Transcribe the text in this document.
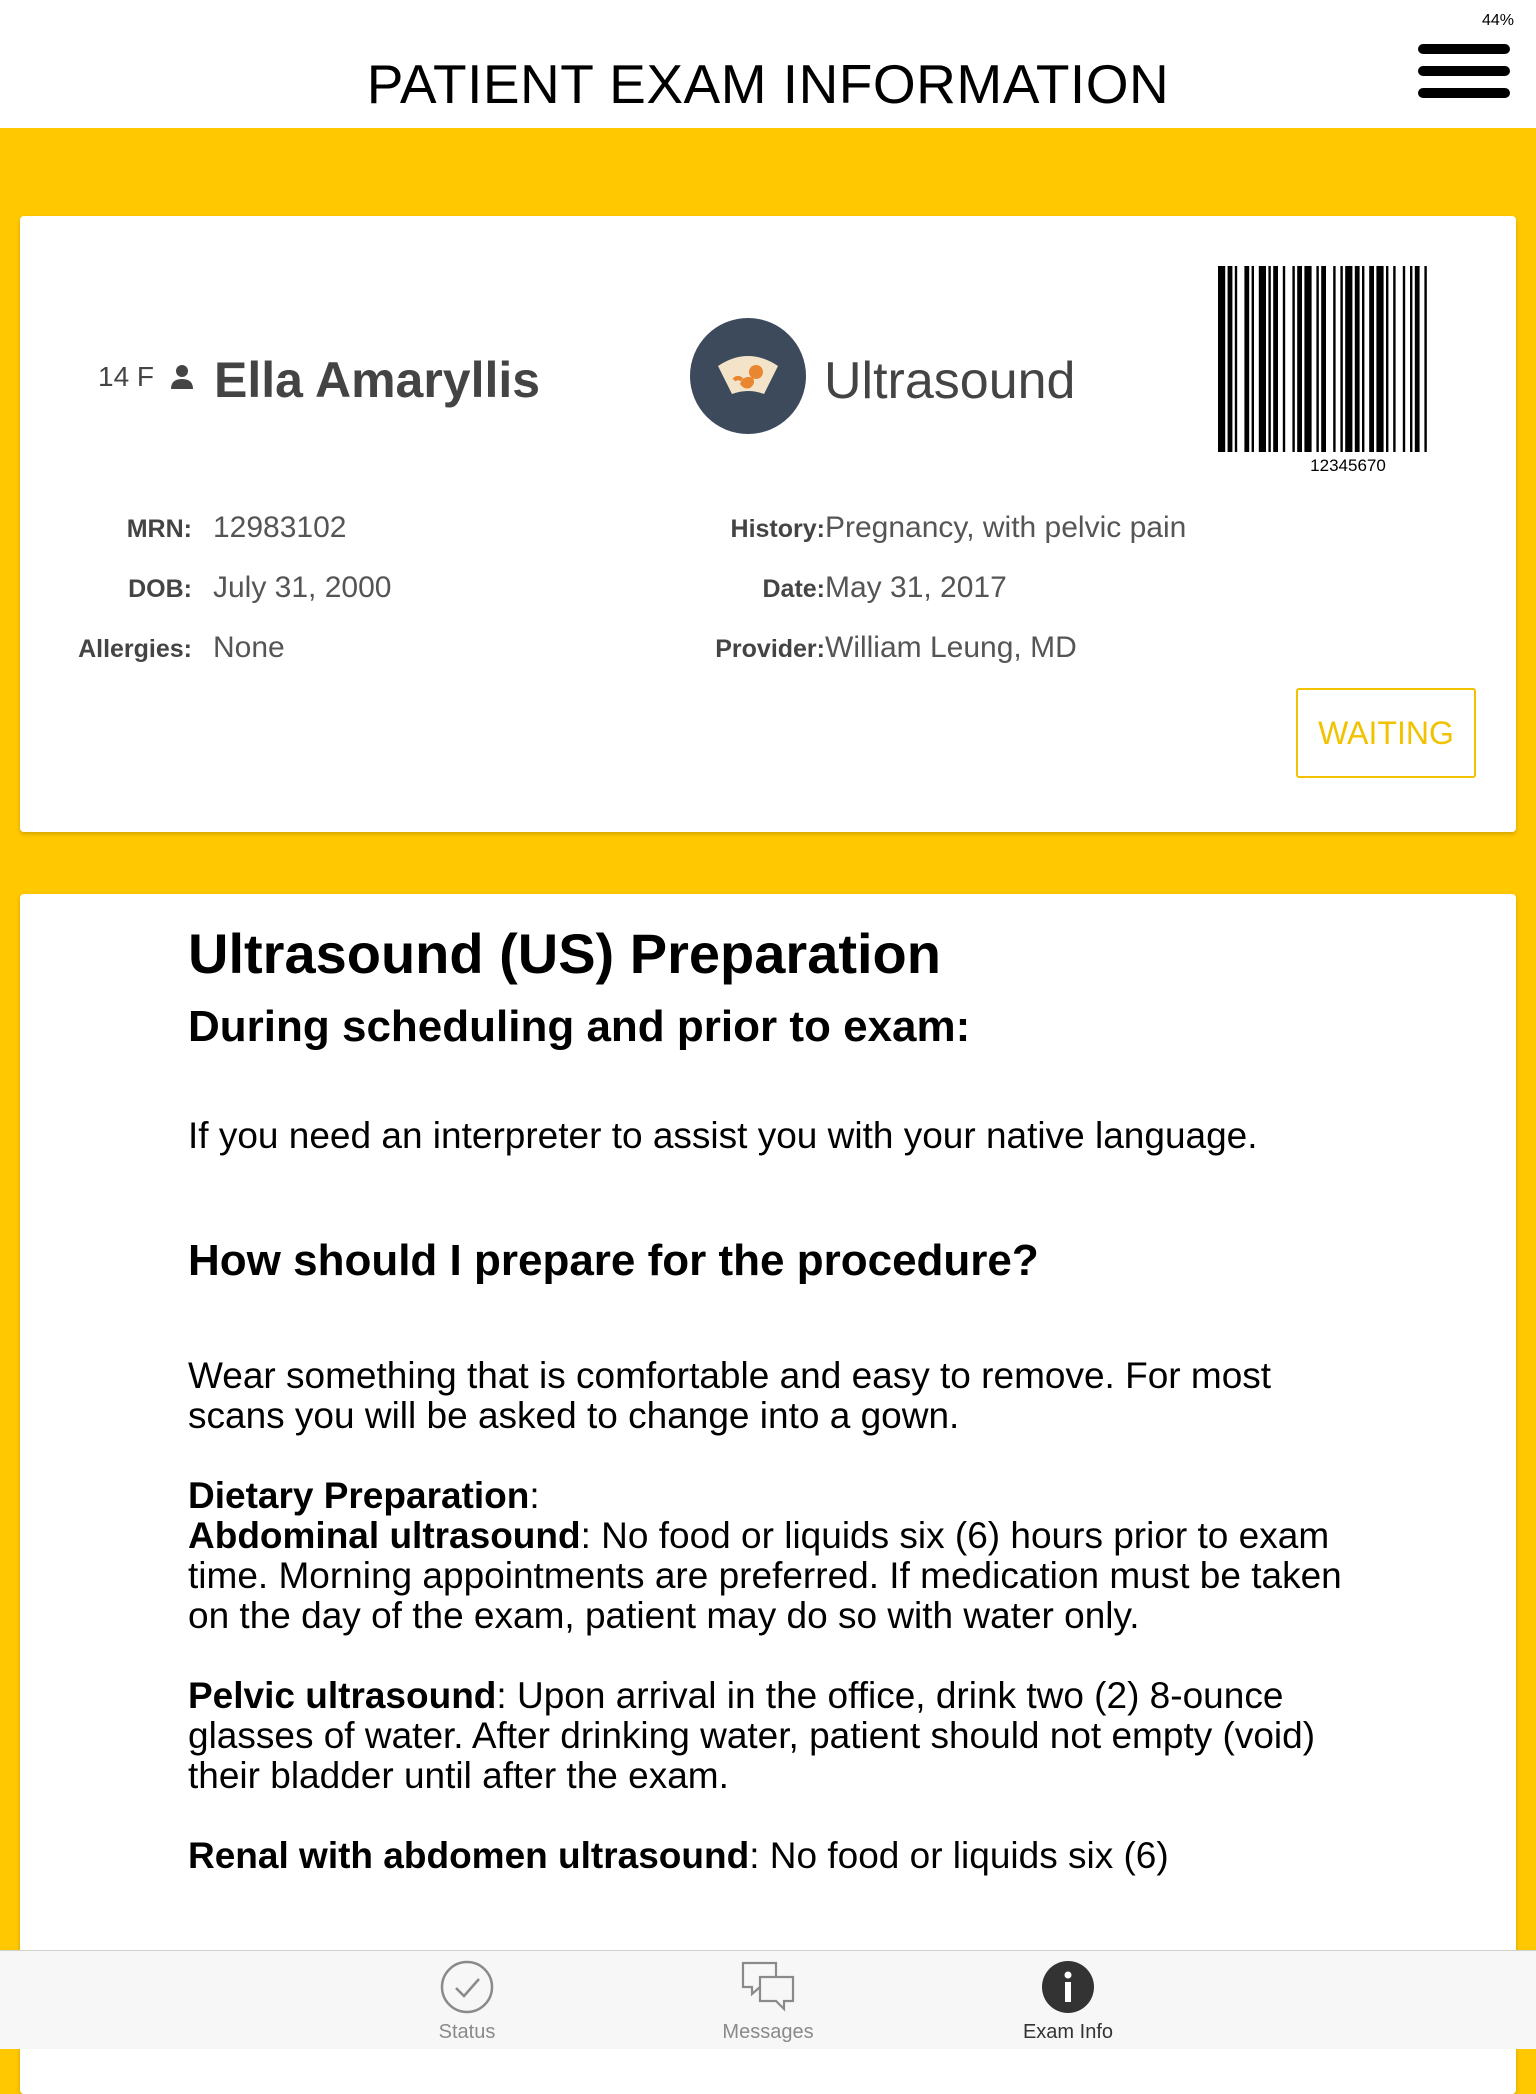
PATIENT EXAM INFORMATION
44%
14 F Ella Amaryllis	Ultrasound
12345670
MRN: 12983102
DOB: July 31, 2000
Allergies: None
History: Pregnancy, with pelvic pain
Date: May 31, 2017
Provider: William Leung, MD
WAITING
Ultrasound (US) Preparation
During scheduling and prior to exam:

If you need an interpreter to assist you with your native language.

How should I prepare for the procedure?

Wear something that is comfortable and easy to remove. For most scans you will be asked to change into a gown.

Dietary Preparation:
Abdominal ultrasound: No food or liquids six (6) hours prior to exam time. Morning appointments are preferred. If medication must be taken on the day of the exam, patient may do so with water only.

Pelvic ultrasound: Upon arrival in the office, drink two (2) 8-ounce glasses of water. After drinking water, patient should not empty (void) their bladder until after the exam.

Renal with abdomen ultrasound: No food or liquids six (6)

Status	Messages	Exam Info
